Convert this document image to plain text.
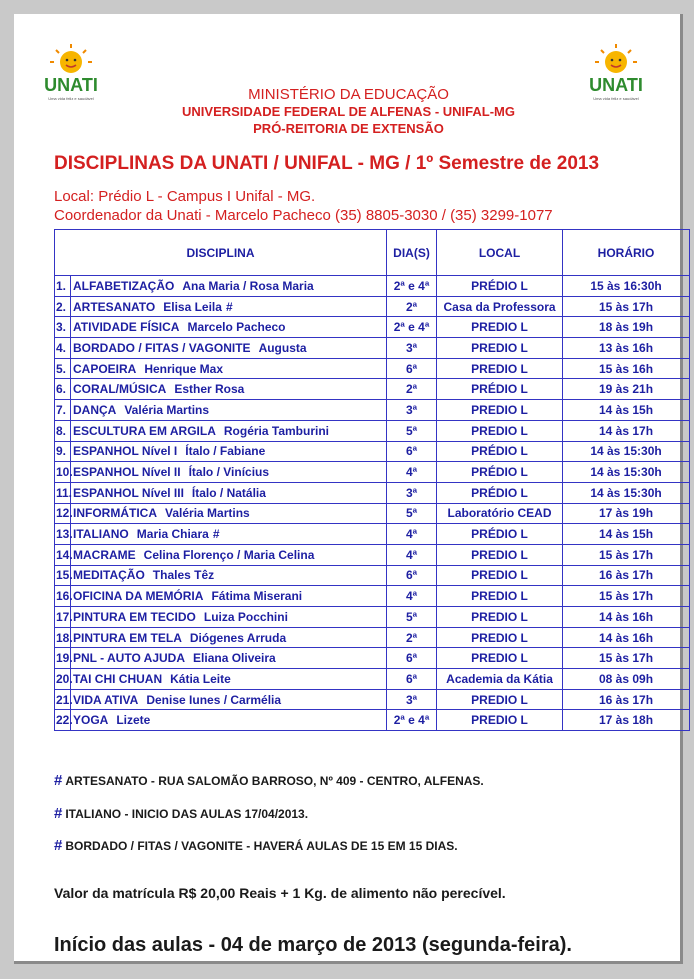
UNATI
Uma vida feliz e saudável
UNATI
Uma vida feliz e saudável
MINISTÉRIO DA EDUCAÇÃO
UNIVERSIDADE FEDERAL DE ALFENAS - UNIFAL-MG
PRÓ-REITORIA DE EXTENSÃO
DISCIPLINAS DA UNATI / UNIFAL - MG / 1º Semestre de 2013
Local: Prédio L - Campus I Unifal - MG.
Coordenador da Unati - Marcelo Pacheco (35) 8805-3030 / (35) 3299-1077
DISCIPLINA		DIA(S)	LOCAL	HORÁRIO
1.	ALFABETIZAÇÃO Ana Maria / Rosa Maria	2ª e 4ª	PRÉDIO L	15 às 16:30h
2.	ARTESANATO Elisa Leila #	2ª	Casa da Professora	15 às 17h
3.	ATIVIDADE FÍSICA Marcelo Pacheco	2ª e 4ª	PREDIO L	18 às 19h
4.	BORDADO / FITAS / VAGONITE Augusta	3ª	PREDIO L	13 às 16h
5.	CAPOEIRA Henrique Max	6ª	PREDIO L	15 às 16h
6.	CORAL/MÚSICA Esther Rosa	2ª	PRÉDIO L	19 às 21h
7.	DANÇA Valéria Martins	3ª	PREDIO L	14 às 15h
8.	ESCULTURA EM ARGILA Rogéria Tamburini	5ª	PREDIO L	14 às 17h
9.	ESPANHOL Nível I Ítalo / Fabiane	6ª	PRÉDIO L	14 às 15:30h
10.	ESPANHOL Nível II Ítalo / Vinícius	4ª	PRÉDIO L	14 às 15:30h
11.	ESPANHOL Nível III Ítalo / Natália	3ª	PRÉDIO L	14 às 15:30h
12.	INFORMÁTICA Valéria Martins	5ª	Laboratório CEAD	17 às 19h
13.	ITALIANO Maria Chiara #	4ª	PRÉDIO L	14 às 15h
14.	MACRAME Celina Florenço / Maria Celina	4ª	PREDIO L	15 às 17h
15.	MEDITAÇÃO Thales Têz	6ª	PREDIO L	16 às 17h
16.	OFICINA DA MEMÓRIA Fátima Miserani	4ª	PREDIO L	15 às 17h
17.	PINTURA EM TECIDO Luiza Pocchini	5ª	PREDIO L	14 às 16h
18.	PINTURA EM TELA Diógenes Arruda	2ª	PREDIO L	14 às 16h
19.	PNL - AUTO AJUDA Eliana Oliveira	6ª	PREDIO L	15 às 17h
20.	TAI CHI CHUAN Kátia Leite	6ª	Academia da Kátia	08 às 09h
21.	VIDA ATIVA Denise Iunes / Carmélia	3ª	PREDIO L	16 às 17h
22.	YOGA Lizete	2ª e 4ª	PREDIO L	17 às 18h
# ARTESANATO - RUA SALOMÃO BARROSO, Nº 409 - CENTRO, ALFENAS.
# ITALIANO - INICIO DAS AULAS 17/04/2013.
# BORDADO / FITAS / VAGONITE - HAVERÁ AULAS DE 15 EM 15 DIAS.
Valor da matrícula R$ 20,00 Reais + 1 Kg. de alimento não perecível.
Início das aulas - 04 de março de 2013 (segunda-feira).
